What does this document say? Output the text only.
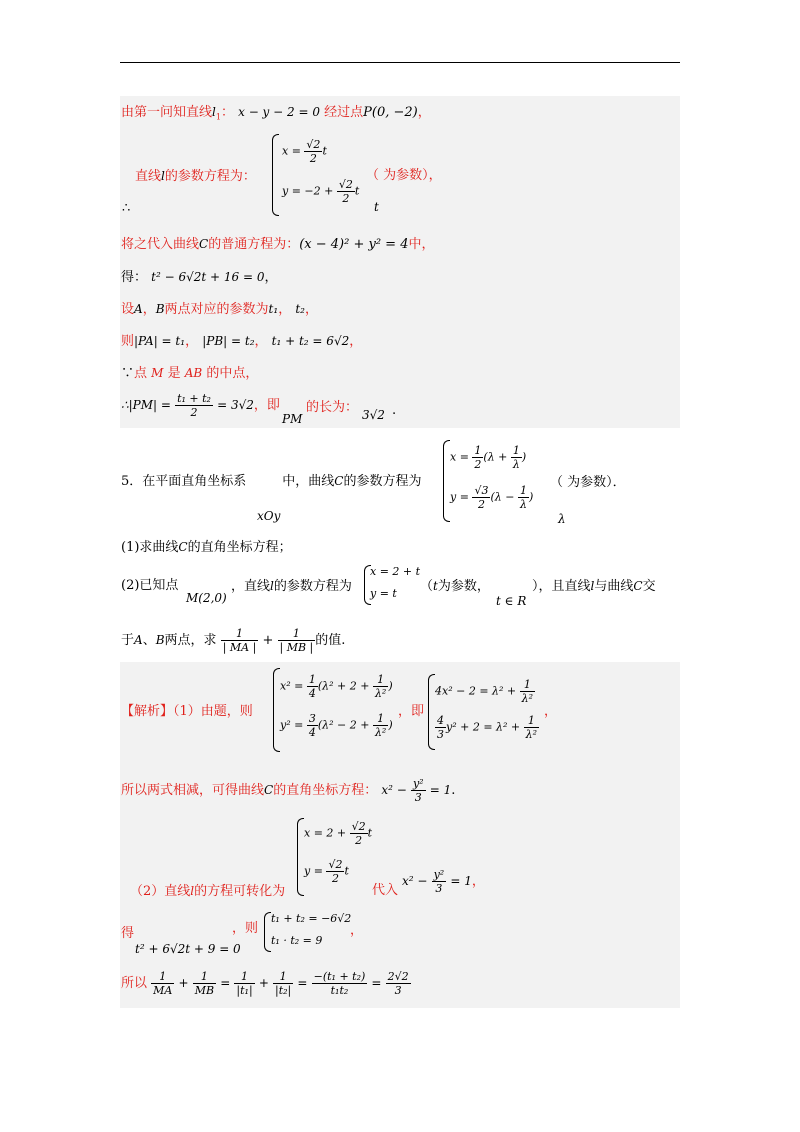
由第一问知直线$l_1$： x − y − 2 = 0 经过点P(0, −2)，
直线l的参数方程为：
$x = \frac{√2}{2}$ t
$y = -2 + \frac{√2}{2}$ t
（ 为参数），
t
∴
将之代入曲线C的普通方程为：(x − 4)² + y² = 4中，
得： t² − 6√2t + 16 = 0，
设A，B两点对应的参数为t₁， t₂，
则|PA| = t₁， |PB| = t₂， t₁ + t₂ = 6√2，
∵点 M 是 AB 的中点，
∴|PM| = $\frac{\text{t₁ + t₂}}{2} = 3√2$，即
PM
的长为： 3√2 .
5．在平面直角坐标系	中，曲线C的参数方程为
xOy
$x = \frac{1}{2} (\lambda + \frac{1}{\lambda}$ )
$y = \frac{√3}{2} (\lambda - \frac{1}{\lambda}$ )
（ 为参数）．
λ
(1)求曲线C的直角坐标方程；
(2)已知点
M(2,0)
，直线l的参数方程为
x = 2 + t
y = t （t为参数，
t ∈ R
），且直线l与曲线C交
于A、B两点，求 $\frac{1}{| MA |} + \frac{1}{| MB |}$ 的值.
【解析】（1）由题，则
$x^2 = \frac{1}{4} (\lambda^2 + 2 + \frac{1}{\text{λ²}}$ )
$y^2 = \frac{3}{4} (\lambda^2 - 2 + \frac{1}{\text{λ²}}$ )
，即
$4x^2 - 2 = \lambda^2 + \frac{1}{\text{λ²}}$
$\frac{4}{3} y^2 + 2 = \lambda^2 + \frac{1}{\text{λ²}}$
，
所以两式相减，可得曲线C的直角坐标方程： $x^2 - \frac{\text{y²}}{3} = 1$.
$x = 2 + \frac{√2}{2}$ t
$y = \frac{√2}{2}$ t
（2）直线l的方程可转化为	代入
$x^2 - \frac{\text{y²}}{3} = 1$，
得
t² + 6√2t + 9 = 0
，则
t₁ + t₂ = −6√2
t₁ · t₂ = 9
，
所以 $\frac{1}{MA} + \frac{1}{MB} = \frac{1}{\text{|t₁|}} + \frac{1}{\text{|t₂|}} = \frac{\text{−(t₁ + t₂)}}{\text{t₁t₂}} = \frac{2√2}{3}$
